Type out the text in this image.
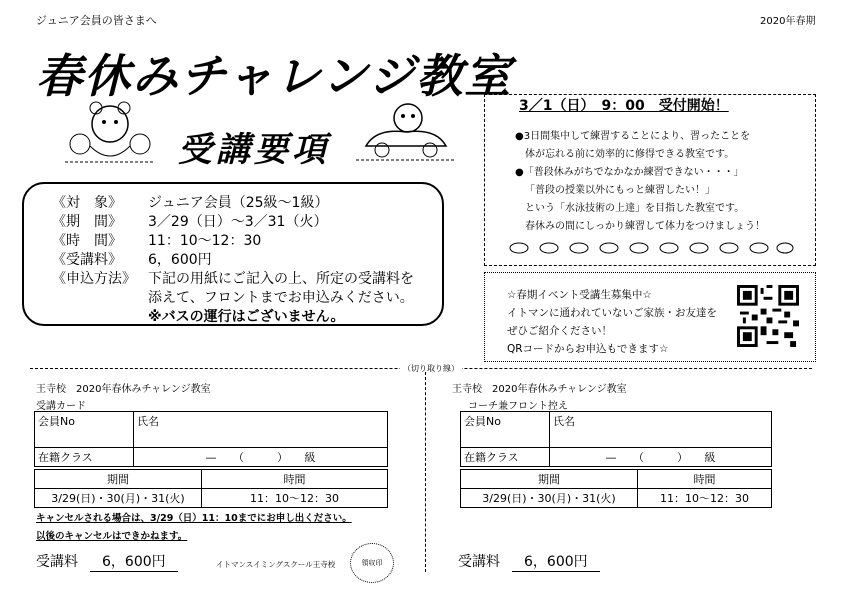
ジュニア会員の皆さまへ	2020年春期
春休みチャレンジ教室
受講要項
《対　象》 ジュニア会員（25級～1級）
《期　間》 3／29（日）～3／31（火）
《時　間》 11：10～12：30
《受講料》 6，600円
《申込方法》 下記の用紙にご記入の上、所定の受講料を
添えて、フロントまでお申込みください。
※バスの運行はございません。
3／1（日）　9：00　受付開始！
●3日間集中して練習することにより、習ったことを
体が忘れる前に効率的に修得できる教室です。
●「普段休みがちでなかなか練習できない・・・」
「普段の授業以外にもっと練習したい！」
という「水泳技術の上達」を目指した教室です。
春休みの間にしっかり練習して体力をつけましょう！
☆春期イベント受講生募集中☆
イトマンに通われていないご家族・お友達を
ぜひご紹介ください！
QRコードからお申込もできます☆
（切り取り線）
王寺校　2020年春休みチャレンジ教室
受講カード
会員No	氏名
在籍クラス	—　　（　　　）　　級
期間	時間
3/29(日)・30(月)・31(火)	11：10～12：30
キャンセルされる場合は、3/29（日）11：10までにお申し出ください。
以後のキャンセルはできかねます。
受講料 6，600円	イトマンスイミングスクール王寺校	領収印
王寺校　2020年春休みチャレンジ教室
コーチ兼フロント控え
会員No	氏名
在籍クラス	—　　（　　　）　　級
期間	時間
3/29(日)・30(月)・31(火)	11：10～12：30
受講料 6，600円
